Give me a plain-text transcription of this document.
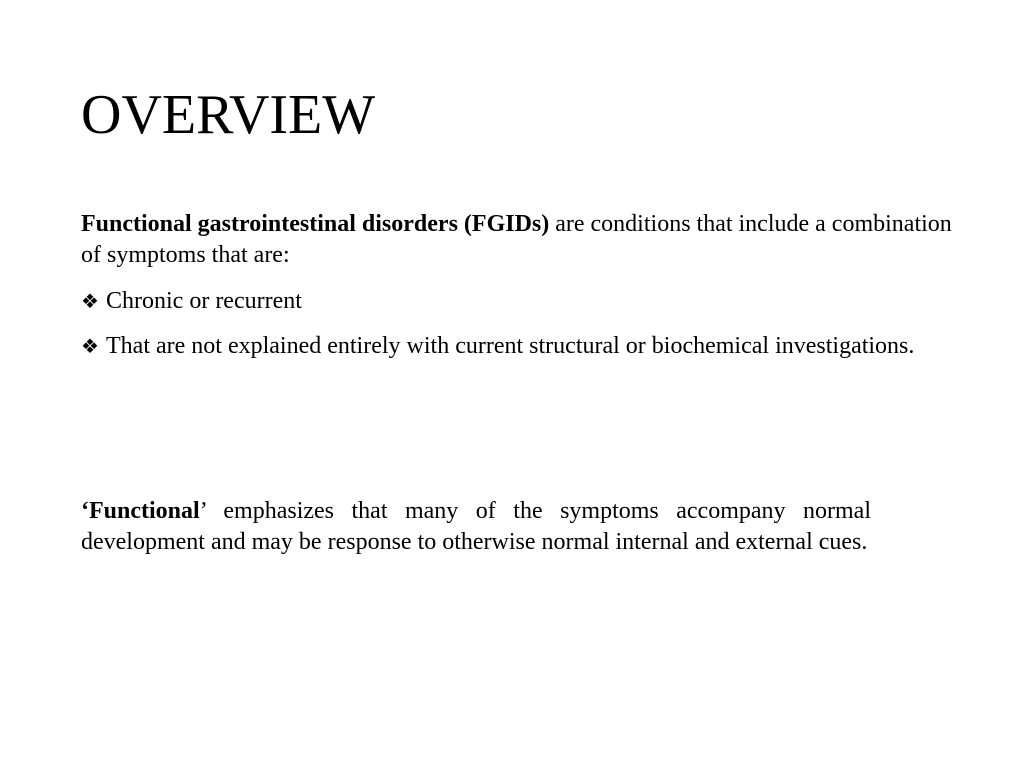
OVERVIEW

Functional gastrointestinal disorders (FGIDs) are conditions that include a combination of symptoms that are:

❖ Chronic or recurrent

❖ That are not explained entirely with current structural or biochemical investigations.

‘Functional’ emphasizes that many of the symptoms accompany normal development and may be response to otherwise normal internal and external cues.
